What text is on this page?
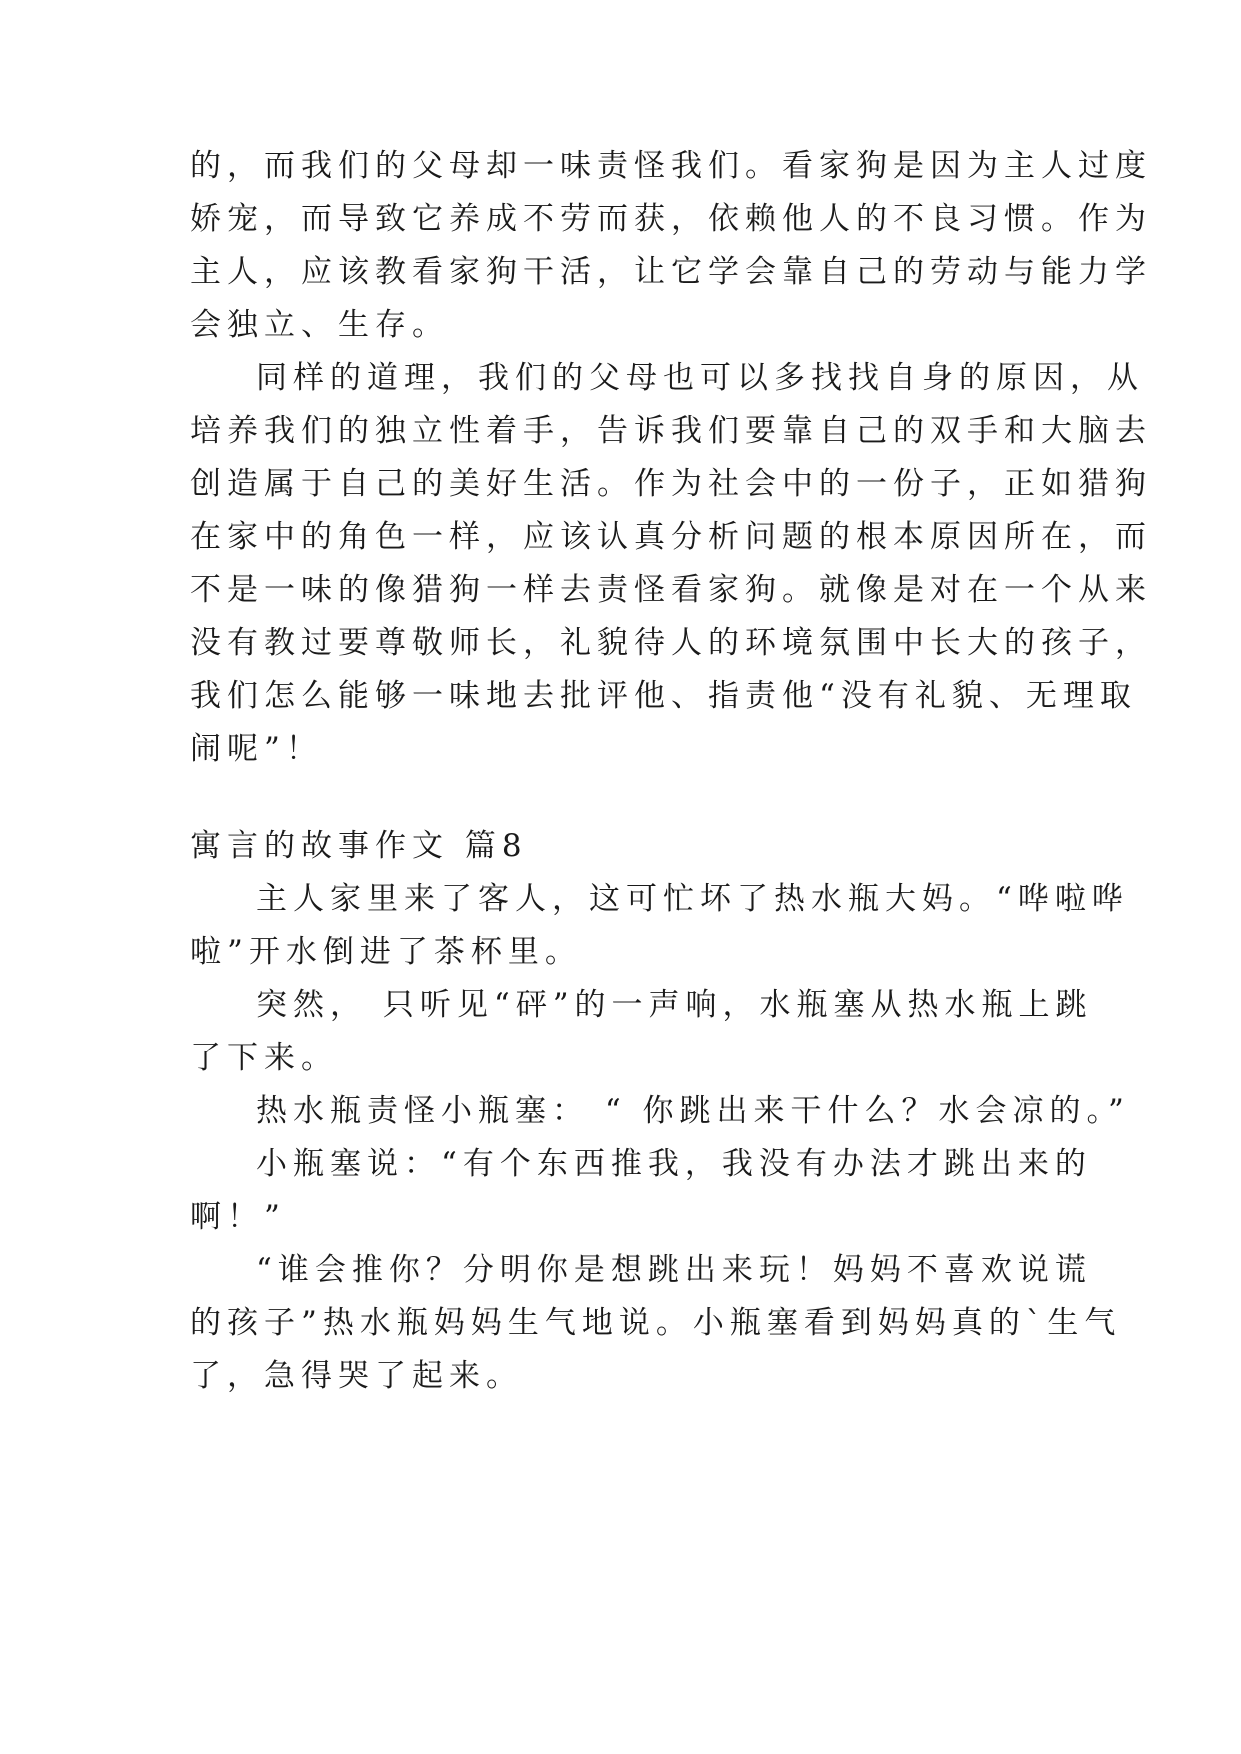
的，而我们的父母却一味责怪我们。看家狗是因为主人过度
娇宠，而导致它养成不劳而获，依赖他人的不良习惯。作为
主人，应该教看家狗干活，让它学会靠自己的劳动与能力学
会独立、生存。
同样的道理，我们的父母也可以多找找自身的原因，从
培养我们的独立性着手，告诉我们要靠自己的双手和大脑去
创造属于自己的美好生活。作为社会中的一份子，正如猎狗
在家中的角色一样，应该认真分析问题的根本原因所在，而
不是一味的像猎狗一样去责怪看家狗。就像是对在一个从来
没有教过要尊敬师长，礼貌待人的环境氛围中长大的孩子，
我们怎么能够一味地去批评他、指责他“没有礼貌、无理取
闹呢”！
寓言的故事作文 篇8
主人家里来了客人，这可忙坏了热水瓶大妈。“哗啦哗
啦”开水倒进了茶杯里。
突然， 只听见“砰”的一声响，水瓶塞从热水瓶上跳
了下来。
热水瓶责怪小瓶塞： “ 你跳出来干什么？水会凉的。”
小瓶塞说：“有个东西推我，我没有办法才跳出来的
啊！”
“谁会推你？分明你是想跳出来玩！妈妈不喜欢说谎
的孩子”热水瓶妈妈生气地说。小瓶塞看到妈妈真的`生气
了，急得哭了起来。
